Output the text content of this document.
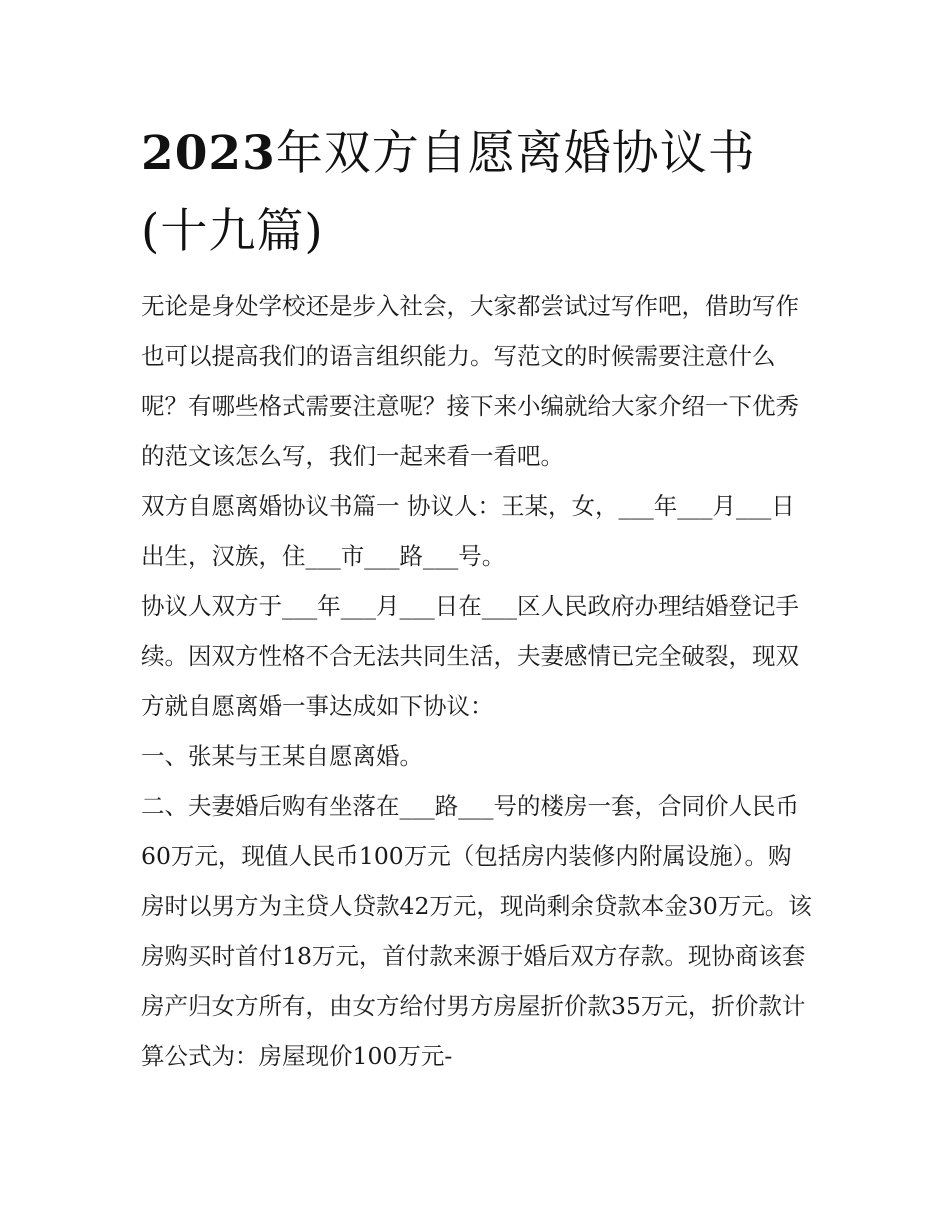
2023年双方自愿离婚协议书(十九篇)

无论是身处学校还是步入社会，大家都尝试过写作吧，借助写作也可以提高我们的语言组织能力。写范文的时候需要注意什么呢？有哪些格式需要注意呢？接下来小编就给大家介绍一下优秀的范文该怎么写，我们一起来看一看吧。

双方自愿离婚协议书篇一 协议人：王某，女，___年___月___日出生，汉族，住___市___路___号。

协议人双方于___年___月___日在___区人民政府办理结婚登记手续。因双方性格不合无法共同生活，夫妻感情已完全破裂，现双方就自愿离婚一事达成如下协议：

一、张某与王某自愿离婚。

二、夫妻婚后购有坐落在___路___号的楼房一套，合同价人民币60万元，现值人民币100万元（包括房内装修内附属设施）。购房时以男方为主贷人贷款42万元，现尚剩余贷款本金30万元。该房购买时首付18万元，首付款来源于婚后双方存款。现协商该套房产归女方所有，由女方给付男方房屋折价款35万元，折价款计算公式为：房屋现价100万元-
